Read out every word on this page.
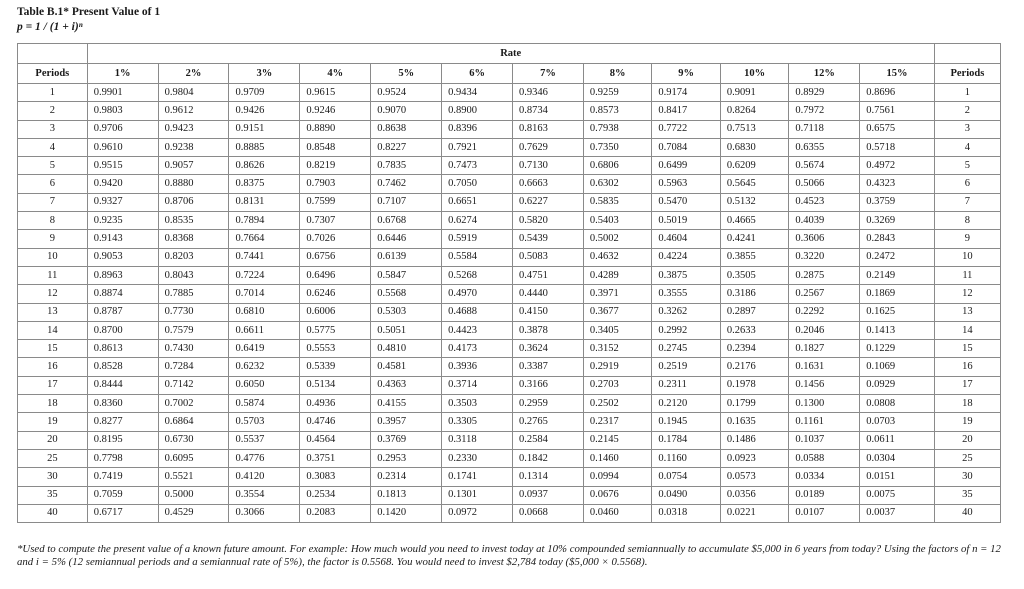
Table B.1* Present Value of 1
p = 1 / (1 + i)ⁿ
	Rate												
Periods	1%	2%	3%	4%	5%	6%	7%	8%	9%	10%	12%	15%	Periods
1	0.9901	0.9804	0.9709	0.9615	0.9524	0.9434	0.9346	0.9259	0.9174	0.9091	0.8929	0.8696	1
2	0.9803	0.9612	0.9426	0.9246	0.9070	0.8900	0.8734	0.8573	0.8417	0.8264	0.7972	0.7561	2
3	0.9706	0.9423	0.9151	0.8890	0.8638	0.8396	0.8163	0.7938	0.7722	0.7513	0.7118	0.6575	3
4	0.9610	0.9238	0.8885	0.8548	0.8227	0.7921	0.7629	0.7350	0.7084	0.6830	0.6355	0.5718	4
5	0.9515	0.9057	0.8626	0.8219	0.7835	0.7473	0.7130	0.6806	0.6499	0.6209	0.5674	0.4972	5
6	0.9420	0.8880	0.8375	0.7903	0.7462	0.7050	0.6663	0.6302	0.5963	0.5645	0.5066	0.4323	6
7	0.9327	0.8706	0.8131	0.7599	0.7107	0.6651	0.6227	0.5835	0.5470	0.5132	0.4523	0.3759	7
8	0.9235	0.8535	0.7894	0.7307	0.6768	0.6274	0.5820	0.5403	0.5019	0.4665	0.4039	0.3269	8
9	0.9143	0.8368	0.7664	0.7026	0.6446	0.5919	0.5439	0.5002	0.4604	0.4241	0.3606	0.2843	9
10	0.9053	0.8203	0.7441	0.6756	0.6139	0.5584	0.5083	0.4632	0.4224	0.3855	0.3220	0.2472	10
11	0.8963	0.8043	0.7224	0.6496	0.5847	0.5268	0.4751	0.4289	0.3875	0.3505	0.2875	0.2149	11
12	0.8874	0.7885	0.7014	0.6246	0.5568	0.4970	0.4440	0.3971	0.3555	0.3186	0.2567	0.1869	12
13	0.8787	0.7730	0.6810	0.6006	0.5303	0.4688	0.4150	0.3677	0.3262	0.2897	0.2292	0.1625	13
14	0.8700	0.7579	0.6611	0.5775	0.5051	0.4423	0.3878	0.3405	0.2992	0.2633	0.2046	0.1413	14
15	0.8613	0.7430	0.6419	0.5553	0.4810	0.4173	0.3624	0.3152	0.2745	0.2394	0.1827	0.1229	15
16	0.8528	0.7284	0.6232	0.5339	0.4581	0.3936	0.3387	0.2919	0.2519	0.2176	0.1631	0.1069	16
17	0.8444	0.7142	0.6050	0.5134	0.4363	0.3714	0.3166	0.2703	0.2311	0.1978	0.1456	0.0929	17
18	0.8360	0.7002	0.5874	0.4936	0.4155	0.3503	0.2959	0.2502	0.2120	0.1799	0.1300	0.0808	18
19	0.8277	0.6864	0.5703	0.4746	0.3957	0.3305	0.2765	0.2317	0.1945	0.1635	0.1161	0.0703	19
20	0.8195	0.6730	0.5537	0.4564	0.3769	0.3118	0.2584	0.2145	0.1784	0.1486	0.1037	0.0611	20
25	0.7798	0.6095	0.4776	0.3751	0.2953	0.2330	0.1842	0.1460	0.1160	0.0923	0.0588	0.0304	25
30	0.7419	0.5521	0.4120	0.3083	0.2314	0.1741	0.1314	0.0994	0.0754	0.0573	0.0334	0.0151	30
35	0.7059	0.5000	0.3554	0.2534	0.1813	0.1301	0.0937	0.0676	0.0490	0.0356	0.0189	0.0075	35
40	0.6717	0.4529	0.3066	0.2083	0.1420	0.0972	0.0668	0.0460	0.0318	0.0221	0.0107	0.0037	40
*Used to compute the present value of a known future amount. For example: How much would you need to invest today at 10% compounded semiannually to accumulate $5,000 in 6 years from today? Using the factors of n = 12 and i = 5% (12 semiannual periods and a semiannual rate of 5%), the factor is 0.5568. You would need to invest $2,784 today ($5,000 × 0.5568).
